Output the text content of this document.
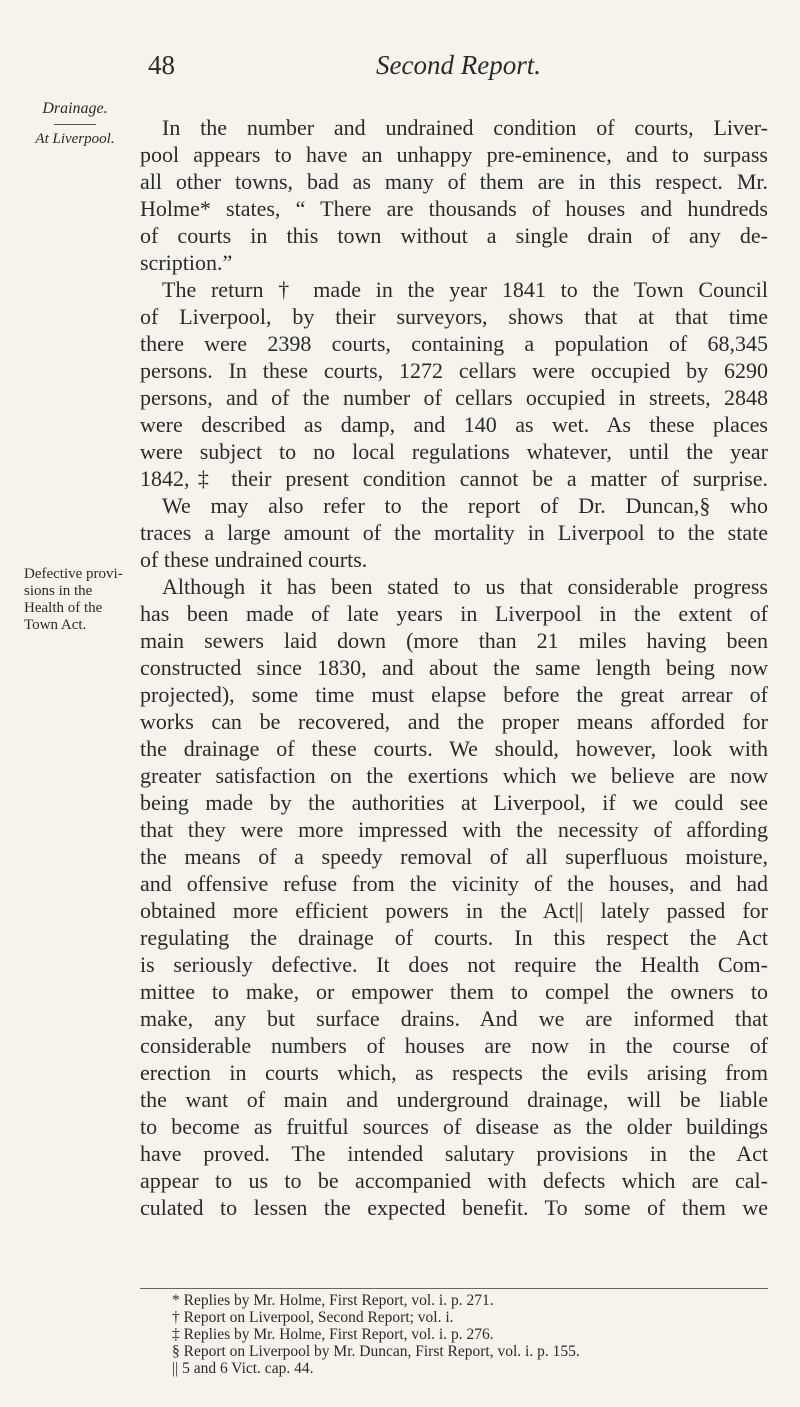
48	Second Report.
Drainage.
At Liverpool.
Defective provi-
sions in the
Health of the
Town Act.
In the number and undrained condition of courts, Liver-
pool appears to have an unhappy pre-eminence, and to surpass
all other towns, bad as many of them are in this respect. Mr.
Holme* states, “ There are thousands of houses and hundreds
of courts in this town without a single drain of any de-
scription.”
The return † made in the year 1841 to the Town Council
of Liverpool, by their surveyors, shows that at that time
there were 2398 courts, containing a population of 68,345
persons. In these courts, 1272 cellars were occupied by 6290
persons, and of the number of cellars occupied in streets, 2848
were described as damp, and 140 as wet. As these places
were subject to no local regulations whatever, until the year
1842,‡ their present condition cannot be a matter of surprise.
We may also refer to the report of Dr. Duncan,§ who
traces a large amount of the mortality in Liverpool to the state
of these undrained courts.
Although it has been stated to us that considerable progress
has been made of late years in Liverpool in the extent of
main sewers laid down (more than 21 miles having been
constructed since 1830, and about the same length being now
projected), some time must elapse before the great arrear of
works can be recovered, and the proper means afforded for
the drainage of these courts. We should, however, look with
greater satisfaction on the exertions which we believe are now
being made by the authorities at Liverpool, if we could see
that they were more impressed with the necessity of affording
the means of a speedy removal of all superfluous moisture,
and offensive refuse from the vicinity of the houses, and had
obtained more efficient powers in the Act|| lately passed for
regulating the drainage of courts. In this respect the Act
is seriously defective. It does not require the Health Com-
mittee to make, or empower them to compel the owners to
make, any but surface drains. And we are informed that
considerable numbers of houses are now in the course of
erection in courts which, as respects the evils arising from
the want of main and underground drainage, will be liable
to become as fruitful sources of disease as the older buildings
have proved. The intended salutary provisions in the Act
appear to us to be accompanied with defects which are cal-
culated to lessen the expected benefit. To some of them we
* Replies by Mr. Holme, First Report, vol. i. p. 271.
† Report on Liverpool, Second Report; vol. i.
‡ Replies by Mr. Holme, First Report, vol. i. p. 276.
§ Report on Liverpool by Mr. Duncan, First Report, vol. i. p. 155.
|| 5 and 6 Vict. cap. 44.
